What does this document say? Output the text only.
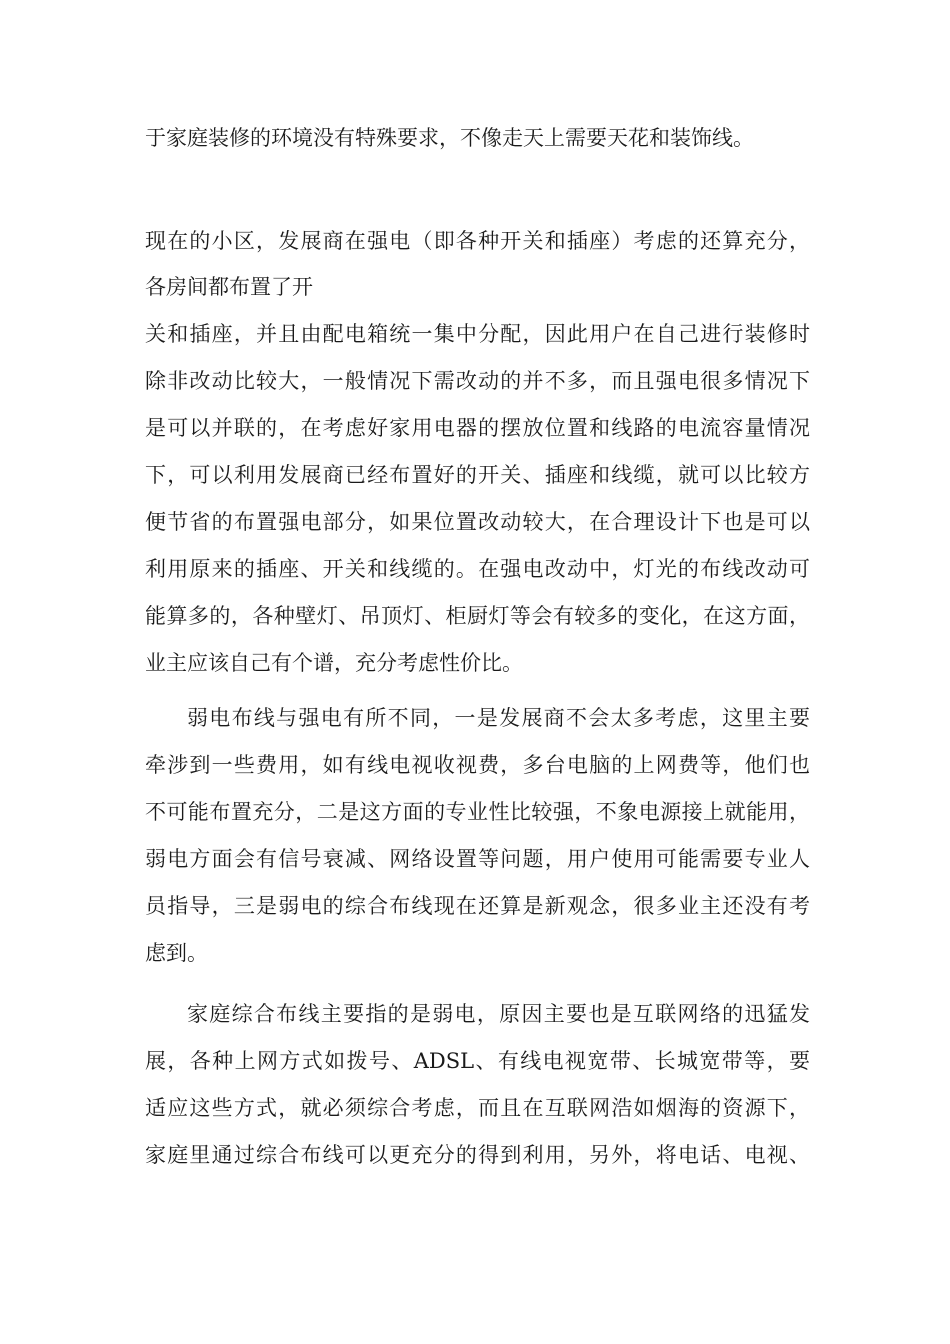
于家庭装修的环境没有特殊要求，不像走天上需要天花和装饰线。
现在的小区，发展商在强电（即各种开关和插座）考虑的还算充分，
各房间都布置了开
关和插座，并且由配电箱统一集中分配，因此用户在自己进行装修时
除非改动比较大，一般情况下需改动的并不多，而且强电很多情况下
是可以并联的，在考虑好家用电器的摆放位置和线路的电流容量情况
下，可以利用发展商已经布置好的开关、插座和线缆，就可以比较方
便节省的布置强电部分，如果位置改动较大，在合理设计下也是可以
利用原来的插座、开关和线缆的。在强电改动中，灯光的布线改动可
能算多的，各种壁灯、吊顶灯、柜厨灯等会有较多的变化，在这方面，
业主应该自己有个谱，充分考虑性价比。
弱电布线与强电有所不同，一是发展商不会太多考虑，这里主要
牵涉到一些费用，如有线电视收视费，多台电脑的上网费等，他们也
不可能布置充分，二是这方面的专业性比较强，不象电源接上就能用，
弱电方面会有信号衰减、网络设置等问题，用户使用可能需要专业人
员指导，三是弱电的综合布线现在还算是新观念，很多业主还没有考
虑到。
家庭综合布线主要指的是弱电，原因主要也是互联网络的迅猛发
展，各种上网方式如拨号、ADSL、有线电视宽带、长城宽带等，要
适应这些方式，就必须综合考虑，而且在互联网浩如烟海的资源下，
家庭里通过综合布线可以更充分的得到利用，另外，将电话、电视、
